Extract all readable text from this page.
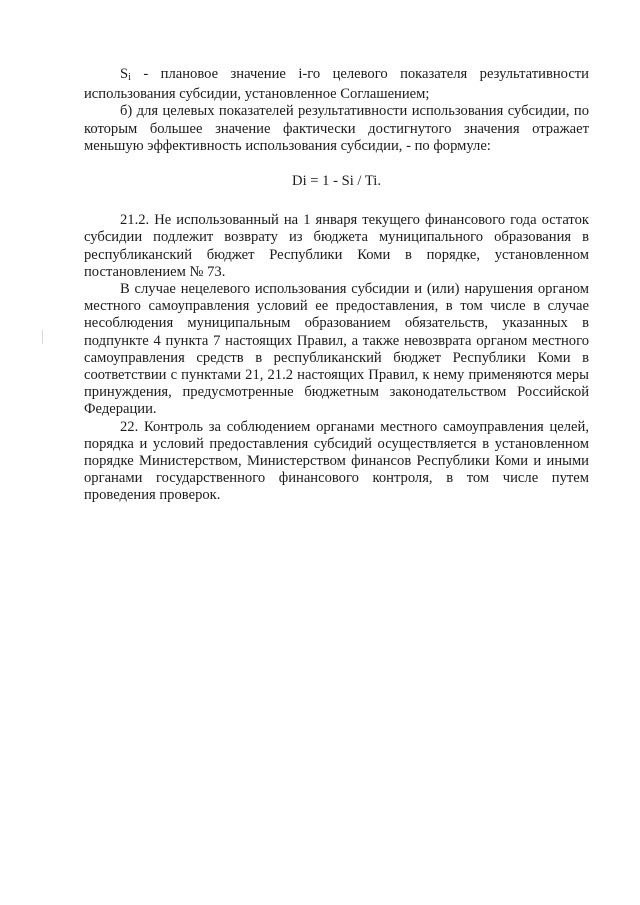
$S_i$ - плановое значение i-го целевого показателя результативности использования субсидии, установленное Соглашением;

б) для целевых показателей результативности использования субсидии, по которым большее значение фактически достигнутого значения отражает меньшую эффективность использования субсидии, - по формуле:

Di = 1 - Si / Ti.

21.2. Не использованный на 1 января текущего финансового года остаток субсидии подлежит возврату из бюджета муниципального образования в республиканский бюджет Республики Коми в порядке, установленном постановлением № 73.

В случае нецелевого использования субсидии и (или) нарушения органом местного самоуправления условий ее предоставления, в том числе в случае несоблюдения муниципальным образованием обязательств, указанных в подпункте 4 пункта 7 настоящих Правил, а также невозврата органом местного самоуправления средств в республиканский бюджет Республики Коми в соответствии с пунктами 21, 21.2 настоящих Правил, к нему применяются меры принуждения, предусмотренные бюджетным законодательством Российской Федерации.

22. Контроль за соблюдением органами местного самоуправления целей, порядка и условий предоставления субсидий осуществляется в установленном порядке Министерством, Министерством финансов Республики Коми и иными органами государственного финансового контроля, в том числе путем проведения проверок.
